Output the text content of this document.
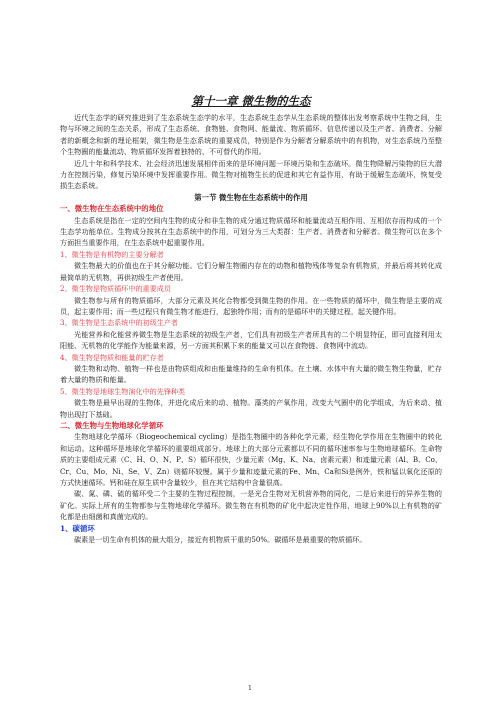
第十一章 微生物的生态

近代生态学的研究推进到了生态系统生态学的水平，生态系统生态学从生态系统的整体出发考察系统中生物之间，生物与环境之间的生态关系，形成了生态系统、食物链、食物网、能量流、物质循环、信息传递以及生产者、消费者、分解者的新概念和新的理论框架，微生物是生态系统的重要成员，特别是作为分解者分解系统中的有机物，对生态系统乃至整个生物圈的能量流动、物质循环发挥着独特的、不可替代的作用。

近几十年和科学技术、社会经济迅速发展相伴而来的是环境问题一环境污染和生态破坏。微生物降解污染物的巨大潜力在控制污染，修复污染环境中发挥重要作用。微生物对植物生长的促进和其它有益作用，有助于缓解生态破坏，恢复受损生态系统。

第一节 微生物在生态系统中的作用
一、微生物在生态系统中的地位

生态系统是指在一定的空间内生物的成分和非生物的成分通过物质循环和能量流动互相作用、互相依存而构成的一个生态学功能单位。生物成分按其在生态系统中的作用，可划分为三大类群：生产者、消费者和分解者。微生物可以在多个方面担当重要作用，在生态系统中起重要作用。

1、微生物是有机物的主要分解者

微生物最大的价值也在于其分解功能。它们分解生物圈内存在的动物和植物残体等复杂有机物质，并最后将其转化成最简单的无机物，再供初级生产者使用。

2、微生物是物质循环中的重要成员

微生物参与所有的物质循环，大部分元素及其化合物都受到微生物的作用。在一些物质的循环中，微生物是主要的成员，起主要作用；而一些过程只有微生物才能进行，起独特作用；而有的是循环中的关键过程，起关键作用。

3、微生物是生态系统中的初级生产者

光能营养和化能营养微生物是生态系统的初级生产者，它们具有初级生产者所具有的二个明显特征，即可直接利用太阳能、无机物的化学能作为能量来源，另一方面其积累下来的能量又可以在食物链、食物网中流动。

4、微生物是物质和能量的贮存者

微生物和动物、植物一样也是由物质组成和由能量维持的生命有机体。在土壤、水体中有大量的微生物生物量，贮存着大量的物质和能量。

5、微生物是地球生物演化中的先锋种类

微生物是最早出现的生物体，并进化成后来的动、植物。藻类的产氧作用，改变大气圈中的化学组成，为后来动、植物出现打下基础。

二、微生物与生物地球化学循环

生物地球化学循环（Biogeochemical cycling）是指生物圈中的各种化学元素，经生物化学作用在生物圈中的转化和运动。这种循环是地球化学循环的重要组成部分。地球上的大部分元素都以不同的循环速率参与生物地球循环。生命物质的主要组成元素（C、H、O、N、P、S）循环很快，少量元素（Mg、K、Na、卤素元素）和迹量元素（Al、B、Co、Cr、Cu、Mo、Ni、Se、V、Zn）则循环较慢。属于少量和迹量元素的Fe、Mn、Ca和Si是例外，铁和锰以氧化还原的方式快速循环。钙和硅在原生质中含量较少，但在其它结构中含量很高。

碳、氮、磷、硫的循环受二个主要的生物过程控制，一是光合生物对无机营养物的同化，二是后来进行的异养生物的矿化。实际上所有的生物都参与生物地球化学循环。微生物在有机物的矿化中起决定性作用，地球上90%以上有机物的矿化都是由细菌和真菌完成的。

1、碳循环

碳素是一切生命有机体的最大组分，接近有机物质干重的50%。碳循环是最重要的物质循环。

1
